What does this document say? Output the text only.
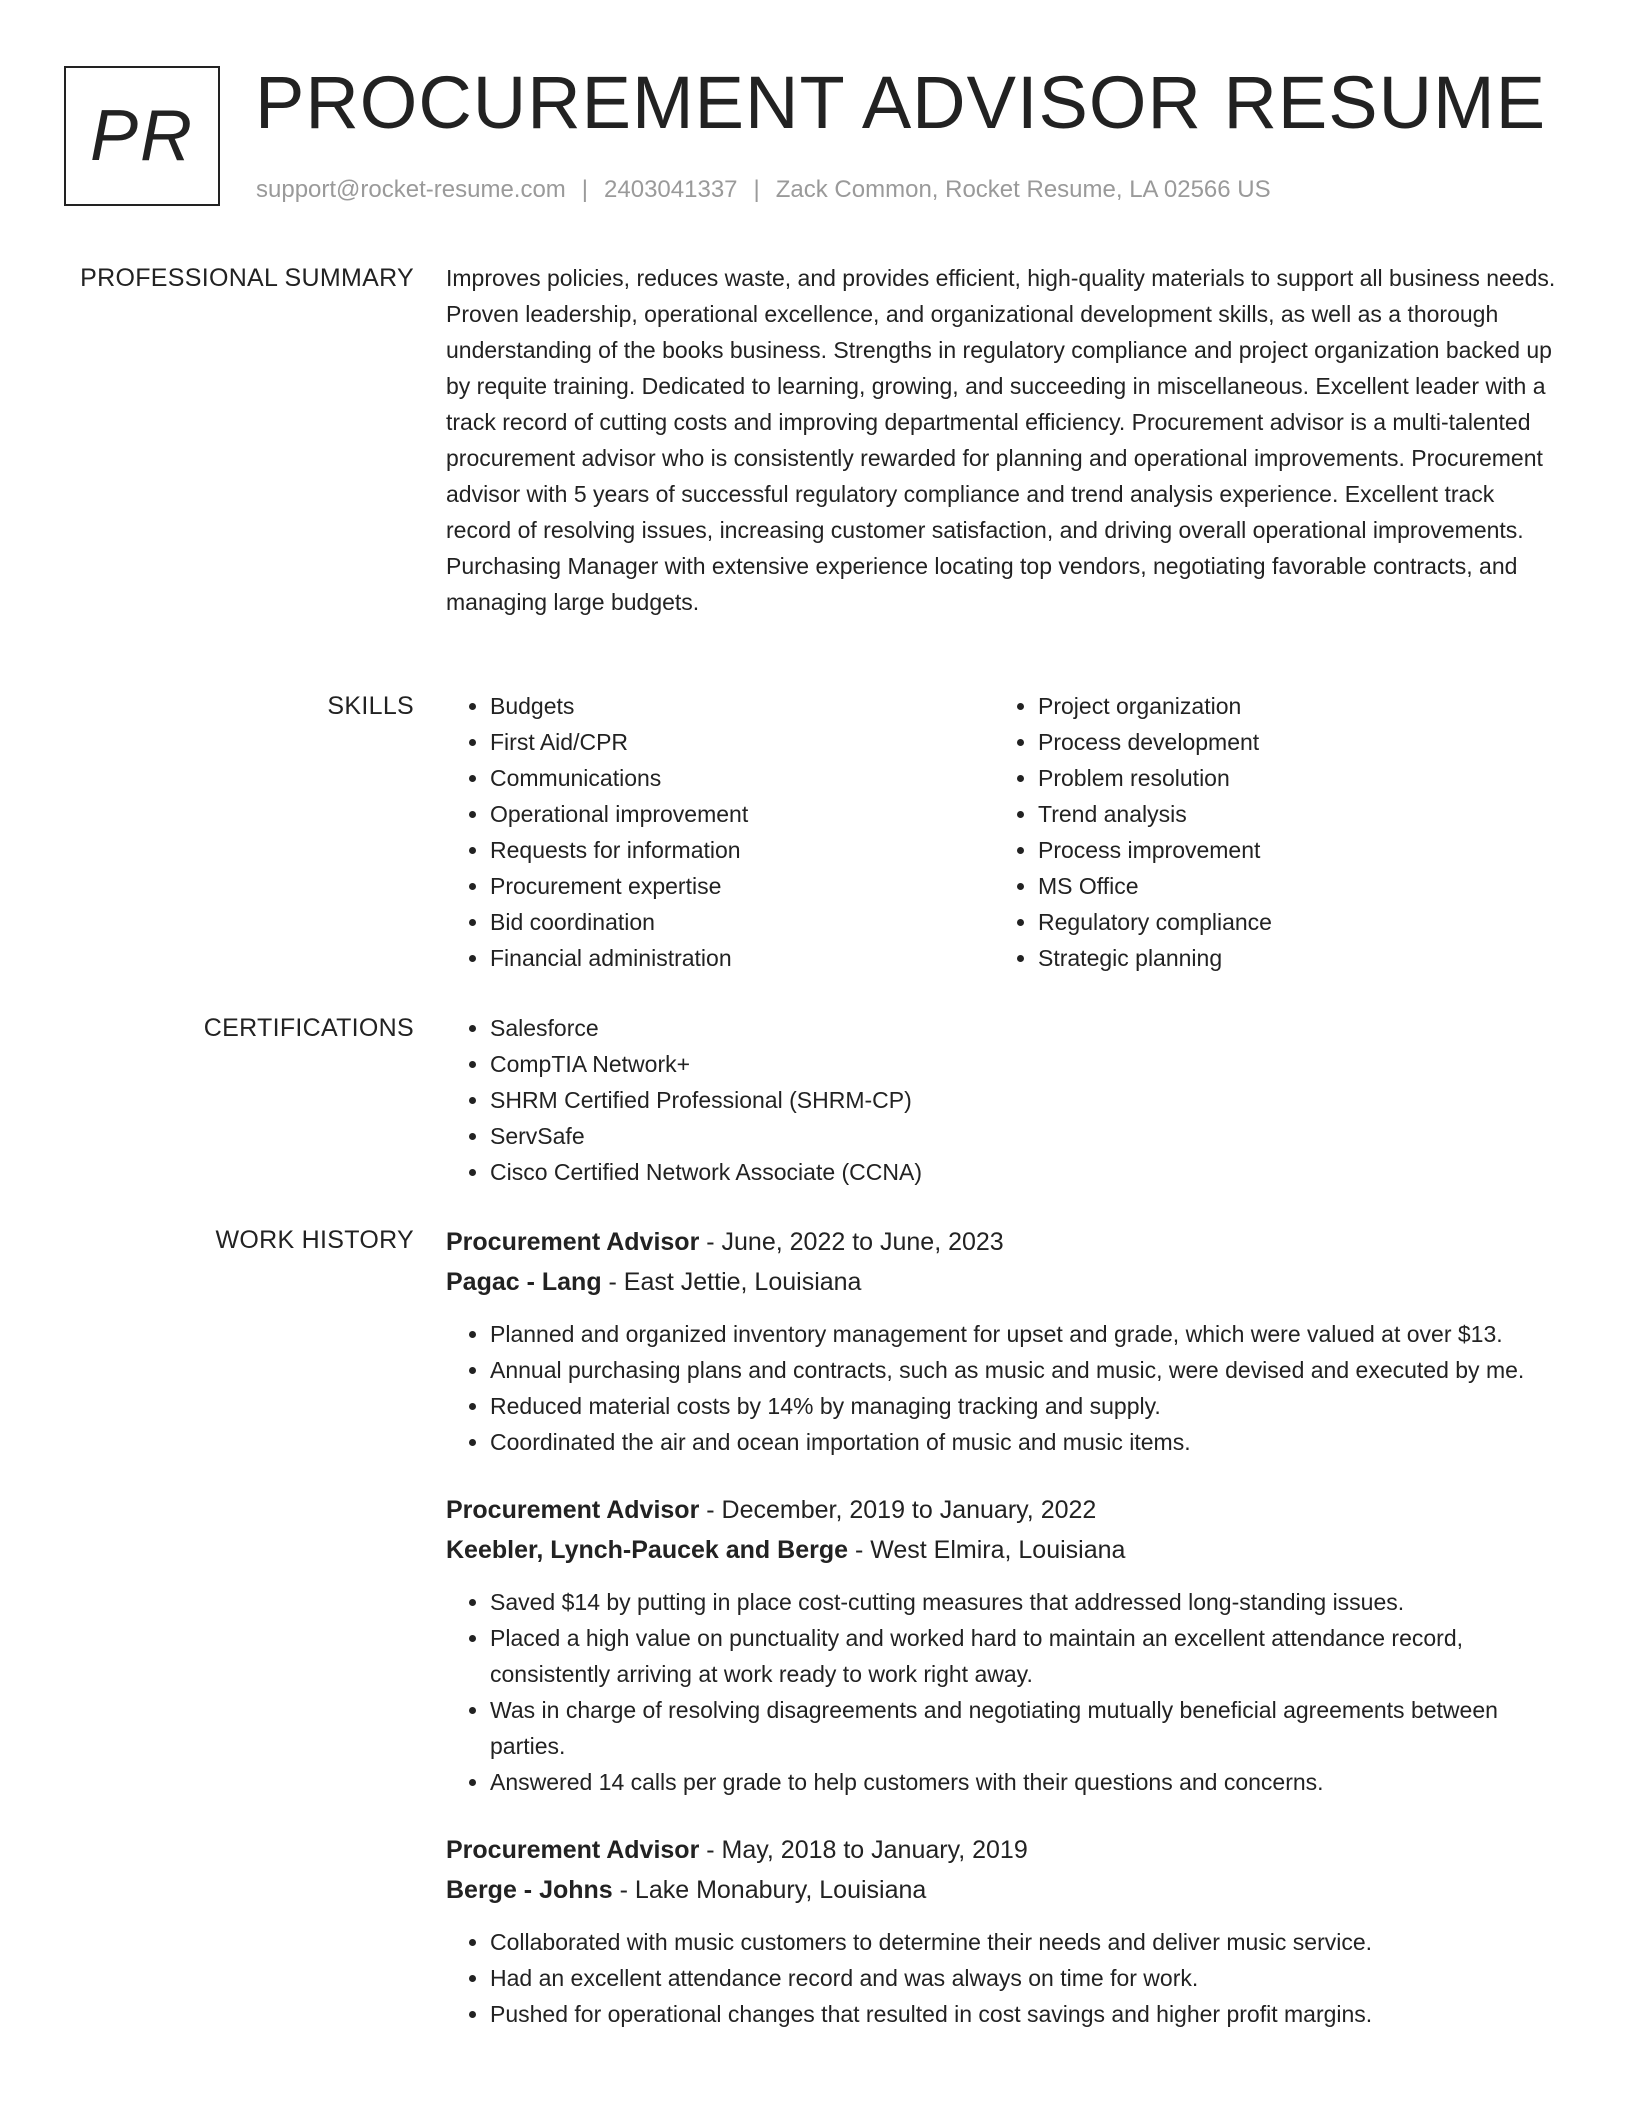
PR PROCUREMENT ADVISOR RESUME
support@rocket-resume.com | 2403041337 | Zack Common, Rocket Resume, LA 02566 US
PROFESSIONAL SUMMARY Improves policies, reduces waste, and provides efficient, high-quality materials to support all business needs. Proven leadership, operational excellence, and organizational development skills, as well as a thorough understanding of the books business. Strengths in regulatory compliance and project organization backed up by requite training. Dedicated to learning, growing, and succeeding in miscellaneous. Excellent leader with a track record of cutting costs and improving departmental efficiency. Procurement advisor is a multi-talented procurement advisor who is consistently rewarded for planning and operational improvements. Procurement advisor with 5 years of successful regulatory compliance and trend analysis experience. Excellent track record of resolving issues, increasing customer satisfaction, and driving overall operational improvements. Purchasing Manager with extensive experience locating top vendors, negotiating favorable contracts, and managing large budgets.

SKILLS	• Budgets
• First Aid/CPR
• Communications
• Operational improvement
• Requests for information
• Procurement expertise
• Bid coordination
• Financial administration
• Project organization
• Process development
• Problem resolution
• Trend analysis
• Process improvement
• MS Office
• Regulatory compliance
• Strategic planning
CERTIFICATIONS	• Salesforce
• CompTIA Network+
• SHRM Certified Professional (SHRM-CP)
• ServSafe
• Cisco Certified Network Associate (CCNA)
WORK HISTORY Procurement Advisor - June, 2022 to June, 2023
Pagac - Lang - East Jettie, Louisiana
• Planned and organized inventory management for upset and grade, which were valued at over $13.
• Annual purchasing plans and contracts, such as music and music, were devised and executed by me.
• Reduced material costs by 14% by managing tracking and supply.
• Coordinated the air and ocean importation of music and music items.
Procurement Advisor - December, 2019 to January, 2022
Keebler, Lynch-Paucek and Berge - West Elmira, Louisiana
• Saved $14 by putting in place cost-cutting measures that addressed long-standing issues.
• Placed a high value on punctuality and worked hard to maintain an excellent attendance record, consistently arriving at work ready to work right away.
• Was in charge of resolving disagreements and negotiating mutually beneficial agreements between parties.
• Answered 14 calls per grade to help customers with their questions and concerns.
Procurement Advisor - May, 2018 to January, 2019
Berge - Johns - Lake Monabury, Louisiana
• Collaborated with music customers to determine their needs and deliver music service.
• Had an excellent attendance record and was always on time for work.
• Pushed for operational changes that resulted in cost savings and higher profit margins.
